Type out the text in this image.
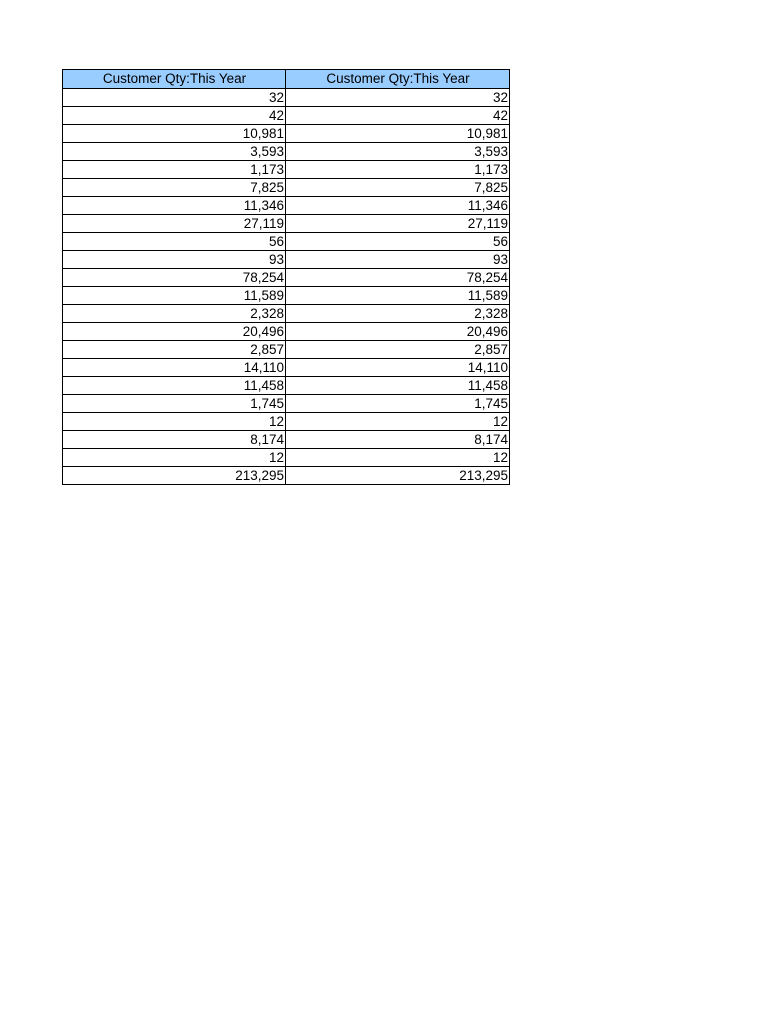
Customer Qty:This Year	Customer Qty:This Year
32	32
42	42
10,981	10,981
3,593	3,593
1,173	1,173
7,825	7,825
11,346	11,346
27,119	27,119
56	56
93	93
78,254	78,254
11,589	11,589
2,328	2,328
20,496	20,496
2,857	2,857
14,110	14,110
11,458	11,458
1,745	1,745
12	12
8,174	8,174
12	12
213,295	213,295
